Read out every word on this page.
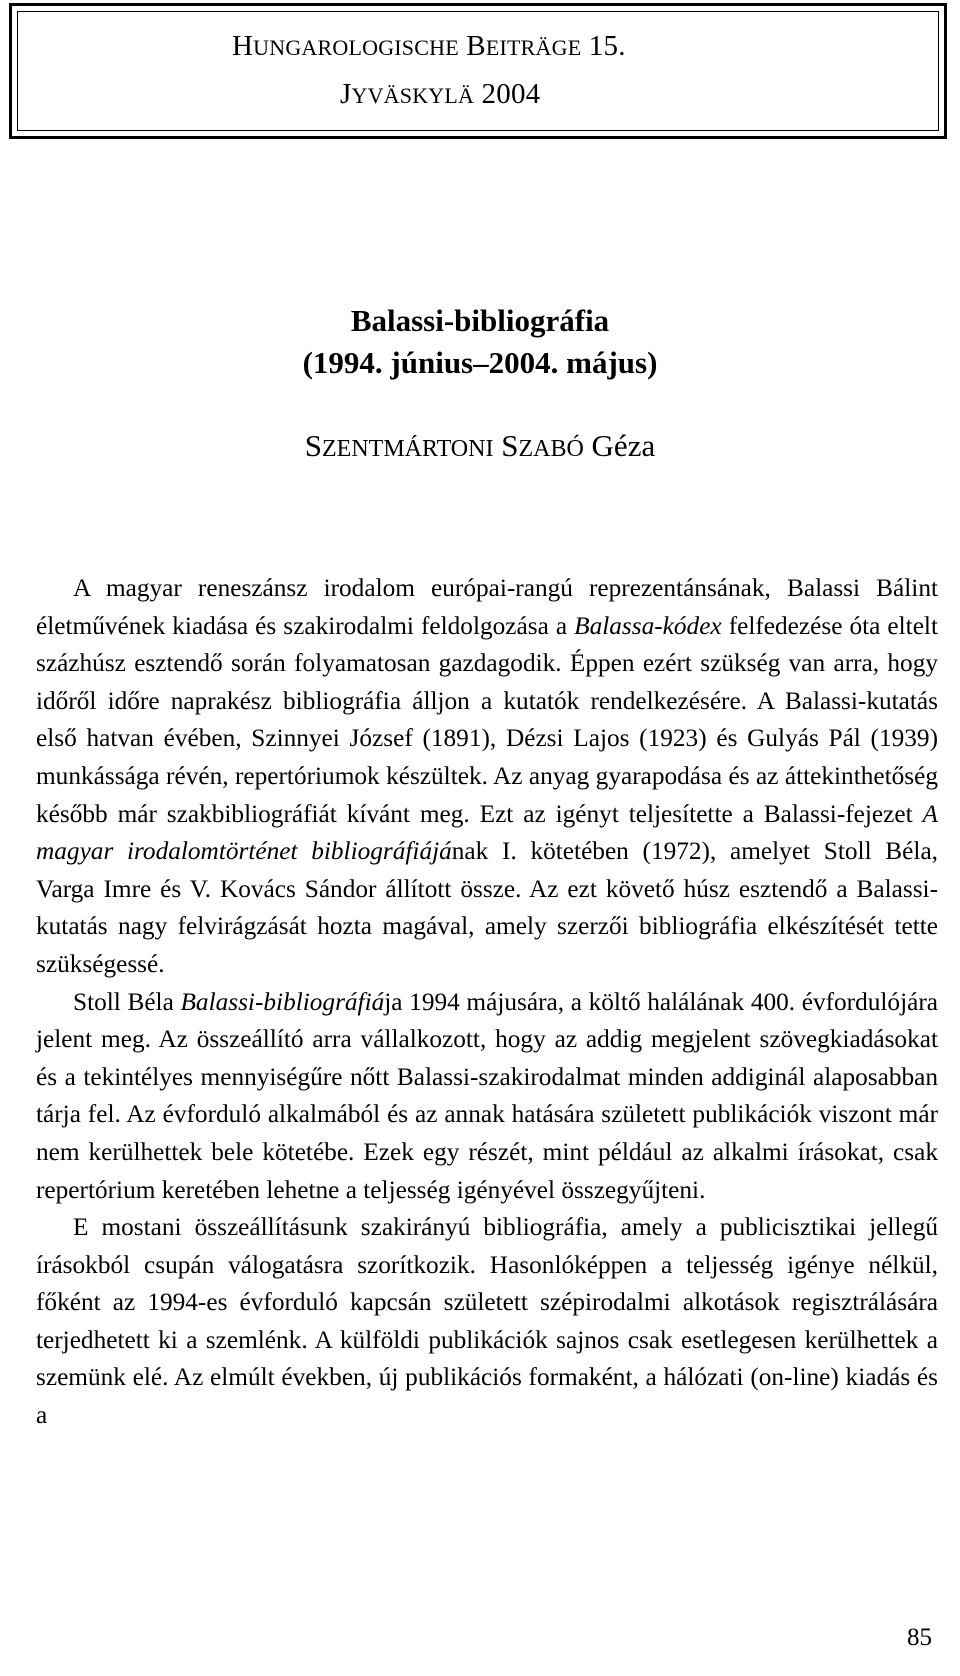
HUNGAROLOGISCHE BEITRÄGE 15.
JYVÄSKYLÄ 2004
Balassi-bibliográfia
(1994. június–2004. május)
SZENTMÁRTONI SZABÓ Géza

A magyar reneszánsz irodalom európai-rangú reprezentánsának, Balassi Bálint életművének kiadása és szakirodalmi feldolgozása a Balassa-kódex felfedezése óta eltelt százhúsz esztendő során folyamatosan gazdagodik. Éppen ezért szükség van arra, hogy időről időre naprakész bibliográfia álljon a kutatók rendelkezésére. A Balassi-kutatás első hatvan évében, Szinnyei József (1891), Dézsi Lajos (1923) és Gulyás Pál (1939) munkássága révén, repertóriumok készültek. Az anyag gyarapodása és az áttekinthetőség később már szakbibliográfiát kívánt meg. Ezt az igényt teljesítette a Balassi-fejezet A magyar irodalomtörténet bibliográfiájának I. kötetében (1972), amelyet Stoll Béla, Varga Imre és V. Kovács Sándor állított össze. Az ezt követő húsz esztendő a Balassi-kutatás nagy felvirágzását hozta magával, amely szerzői bibliográfia elkészítését tette szükségessé.

Stoll Béla Balassi-bibliográfiája 1994 májusára, a költő halálának 400. évfordulójára jelent meg. Az összeállító arra vállalkozott, hogy az addig megjelent szövegkiadásokat és a tekintélyes mennyiségűre nőtt Balassi-szakirodalmat minden addiginál alaposabban tárja fel. Az évforduló alkalmából és az annak hatására született publikációk viszont már nem kerülhettek bele kötetébe. Ezek egy részét, mint például az alkalmi írásokat, csak repertórium keretében lehetne a teljesség igényével összegyűjteni.

E mostani összeállításunk szakirányú bibliográfia, amely a publicisztikai jellegű írásokból csupán válogatásra szorítkozik. Hasonlóképpen a teljesség igénye nélkül, főként az 1994-es évforduló kapcsán született szépirodalmi alkotások regisztrálására terjedhetett ki a szemlénk. A külföldi publikációk sajnos csak esetlegesen kerülhettek a szemünk elé. Az elmúlt években, új publikációs formaként, a hálózati (on-line) kiadás és a

85
